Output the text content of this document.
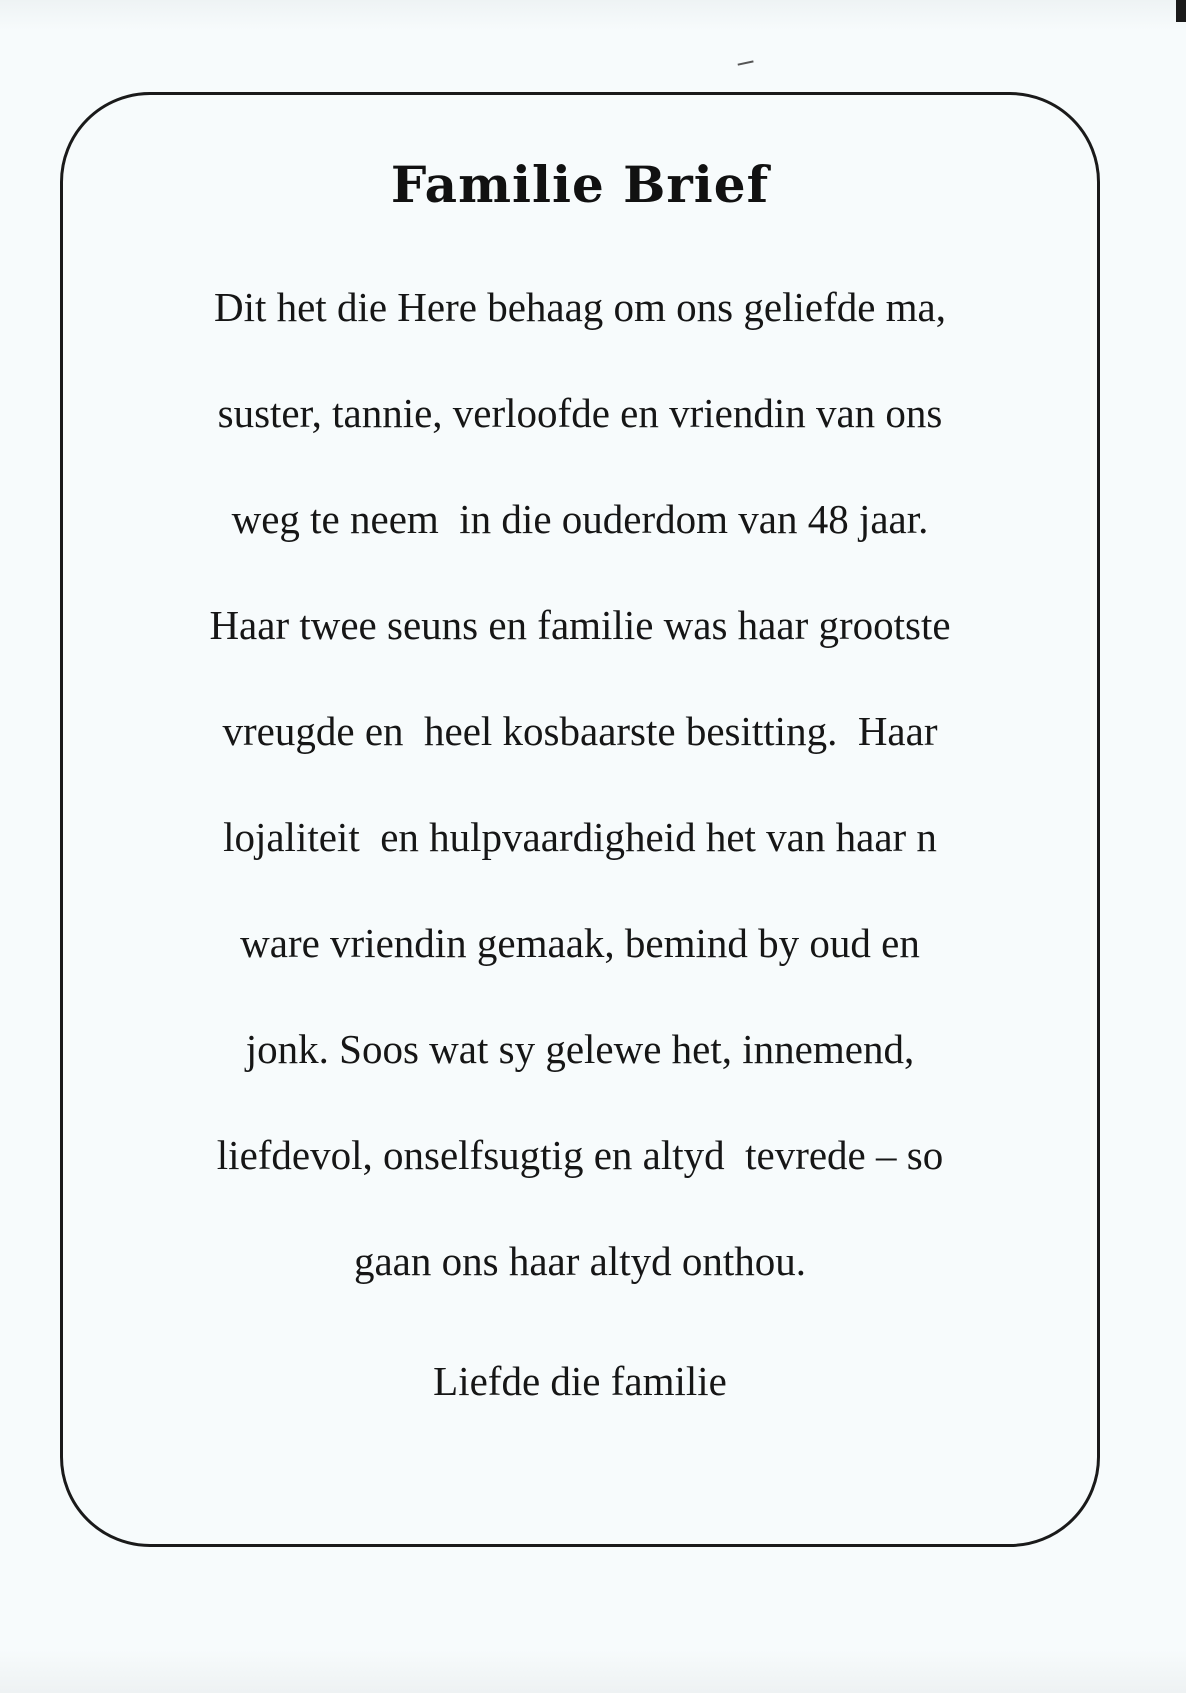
Familie Brief
Dit het die Here behaag om ons geliefde ma,
suster, tannie, verloofde en vriendin van ons
weg te neem  in die ouderdom van 48 jaar.
Haar twee seuns en familie was haar grootste
vreugde en  heel kosbaarste besitting.  Haar
lojaliteit  en hulpvaardigheid het van haar n
ware vriendin gemaak, bemind by oud en
jonk. Soos wat sy gelewe het, innemend,
liefdevol, onselfsugtig en altyd  tevrede – so
gaan ons haar altyd onthou.

Liefde die familie
